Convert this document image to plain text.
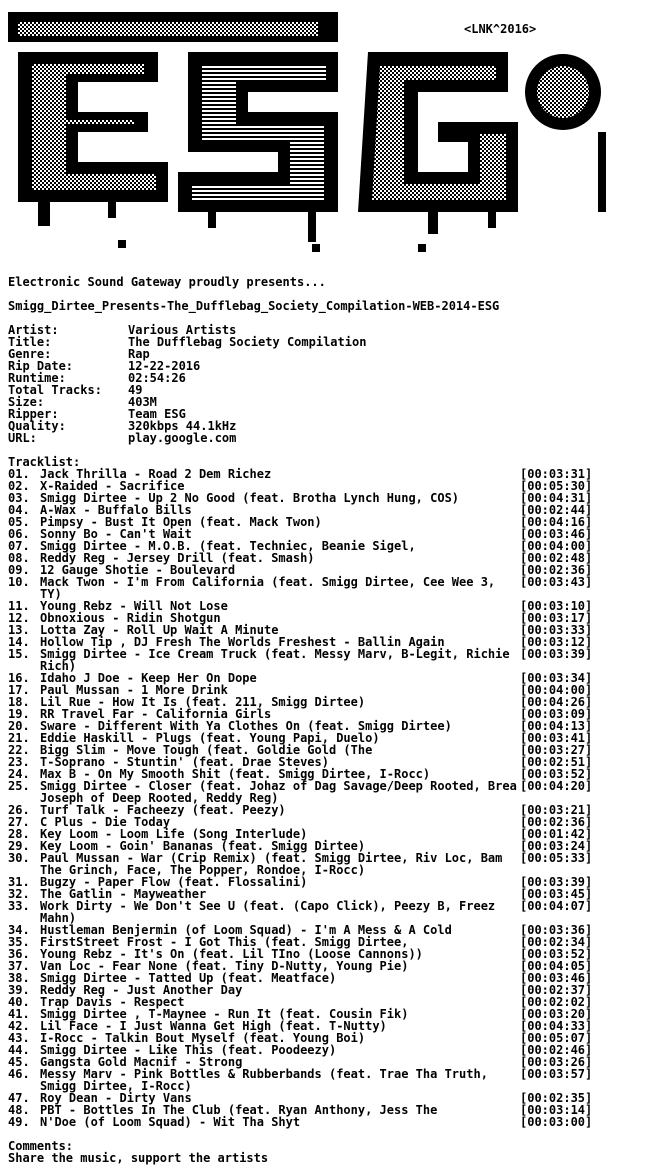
<LNK^2016>
Electronic Sound Gateway proudly presents...
Smigg_Dirtee_Presents-The_Dufflebag_Society_Compilation-WEB-2014-ESG
Artist:	Various Artists
Title:	The Dufflebag Society Compilation
Genre:	Rap
Rip Date:	12-22-2016
Runtime:	02:54:26
Total Tracks: 49
Size:	403M
Ripper:	Team ESG
Quality:	320kbps 44.1kHz
URL:	play.google.com
Tracklist:
01. Jack Thrilla - Road 2 Dem Richez	[00:03:31]
02. X-Raided - Sacrifice	[00:05:30]
03. Smigg Dirtee - Up 2 No Good (feat. Brotha Lynch Hung, COS)	[00:04:31]
04. A-Wax - Buffalo Bills	[00:02:44]
05. Pimpsy - Bust It Open (feat. Mack Twon)	[00:04:16]
06. Sonny Bo - Can't Wait	[00:03:46]
07. Smigg Dirtee - M.O.B. (feat. Techniec, Beanie Sigel,	[00:04:00]
08. Reddy Reg - Jersey Drill (feat. Smash)	[00:02:48]
09. 12 Gauge Shotie - Boulevard	[00:02:36]
10. Mack Twon - I'm From California (feat. Smigg Dirtee, Cee Wee 3, TY)
[00:03:43]
11. Young Rebz - Will Not Lose	[00:03:10]
12. Obnoxious - Ridin Shotgun	[00:03:17]
13. Lotta Zay - Roll Up Wait A Minute	[00:03:33]
14. Hollow Tip , DJ Fresh The Worlds Freshest - Ballin Again	[00:03:12]
15. Smigg Dirtee - Ice Cream Truck (feat. Messy Marv, B-Legit, Richie Rich)
[00:03:39]
16. Idaho J Doe - Keep Her On Dope	[00:03:34]
17. Paul Mussan - 1 More Drink	[00:04:00]
18. Lil Rue - How It Is (feat. 211, Smigg Dirtee)	[00:04:26]
19. RR Travel Far - California Girls	[00:03:09]
20. Sware - Different With Ya Clothes On (feat. Smigg Dirtee)	[00:04:13]
21. Eddie Haskill - Plugs (feat. Young Papi, Duelo)	[00:03:41]
22. Bigg Slim - Move Tough (feat. Goldie Gold (The	[00:03:27]
23. T-Soprano - Stuntin' (feat. Drae Steves)	[00:02:51]
24. Max B - On My Smooth Shit (feat. Smigg Dirtee, I-Rocc)	[00:03:52]
25. Smigg Dirtee - Closer (feat. Johaz of Dag Savage/Deep Rooted, Brea Joseph of Deep Rooted, Reddy Reg)
[00:04:20]
26. Turf Talk - Facheezy (feat. Peezy)	[00:03:21]
27. C Plus - Die Today	[00:02:36]
28. Key Loom - Loom Life (Song Interlude)	[00:01:42]
29. Key Loom - Goin' Bananas (feat. Smigg Dirtee)	[00:03:24]
30. Paul Mussan - War (Crip Remix) (feat. Smigg Dirtee, Riv Loc, Bam The Grinch, Face, The Popper, Rondoe, I-Rocc)
[00:05:33]
31. Bugzy - Paper Flow (feat. Flossalini)	[00:03:39]
32. The Gatlin - Mayweather	[00:03:45]
33. Work Dirty - We Don't See U (feat. (Capo Click), Peezy B, Freez Mahn)
[00:04:07]
34. Hustleman Benjermin (of Loom Squad) - I'm A Mess & A Cold	[00:03:36]
35. FirstStreet Frost - I Got This (feat. Smigg Dirtee,	[00:02:34]
36. Young Rebz - It's On (feat. Lil TIno (Loose Cannons))	[00:03:52]
37. Van Loc - Fear None (feat. Tiny D-Nutty, Young Pie)	[00:04:05]
38. Smigg Dirtee - Tatted Up (feat. Meatface)	[00:03:46]
39. Reddy Reg - Just Another Day	[00:02:37]
40. Trap Davis - Respect	[00:02:02]
41. Smigg Dirtee , T-Maynee - Run It (feat. Cousin Fik)	[00:03:20]
42. Lil Face - I Just Wanna Get High (feat. T-Nutty)	[00:04:33]
43. I-Rocc - Talkin Bout Myself (feat. Young Boi)	[00:05:07]
44. Smigg Dirtee - Like This (feat. Poodeezy)	[00:02:46]
45. Gangsta Gold Macnif - Strong	[00:03:26]
46. Messy Marv - Pink Bottles & Rubberbands (feat. Trae Tha Truth, Smigg Dirtee, I-Rocc)
[00:03:57]
47. Roy Dean - Dirty Vans	[00:02:35]
48. PBT - Bottles In The Club (feat. Ryan Anthony, Jess The	[00:03:14]
49. N'Doe (of Loom Squad) - Wit Tha Shyt	[00:03:00]
Comments:
Share the music, support the artists
